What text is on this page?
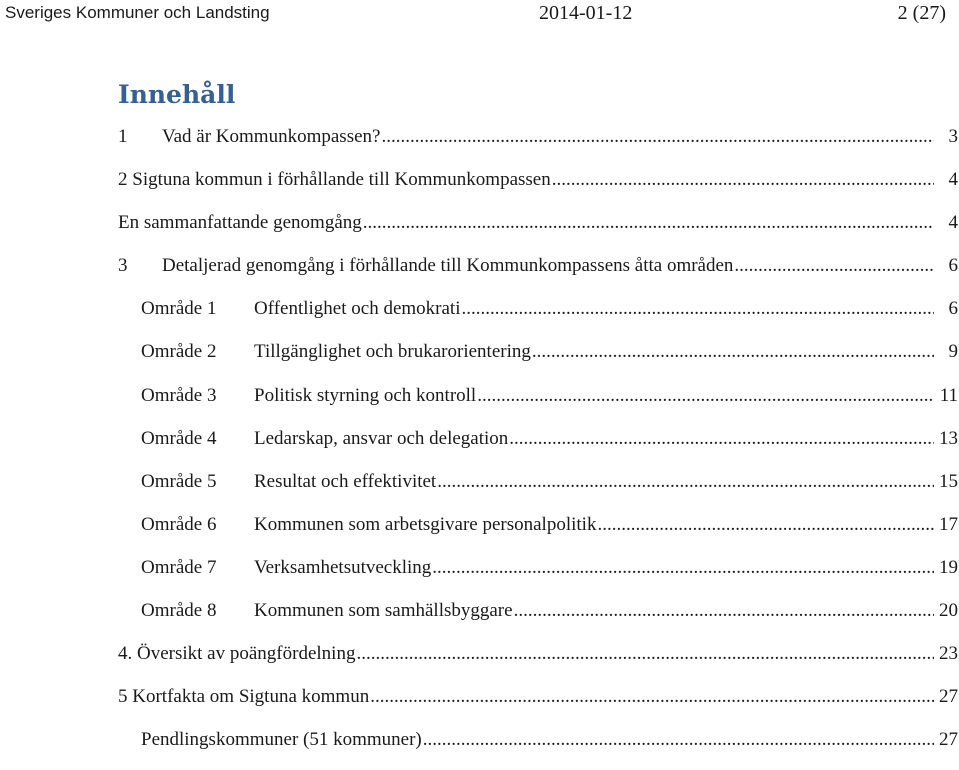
Sveriges Kommuner och Landsting	2014-01-12	2 (27)
Innehåll
1	Vad är Kommunkompassen? .....	3
2 Sigtuna kommun i förhållande till Kommunkompassen .....	4
En sammanfattande genomgång .....	4
3	Detaljerad genomgång i förhållande till Kommunkompassens åtta områden .....	6
Område 1	Offentlighet och demokrati .....	6
Område 2	Tillgänglighet och brukarorientering .....	9
Område 3	Politisk styrning och kontroll .....	11
Område 4	Ledarskap, ansvar och delegation .....	13
Område 5	Resultat och effektivitet .....	15
Område 6	Kommunen som arbetsgivare personalpolitik .....	17
Område 7	Verksamhetsutveckling .....	19
Område 8	Kommunen som samhällsbyggare .....	20
4. Översikt av poängfördelning .....	23
5 Kortfakta om Sigtuna kommun .....	27
Pendlingskommuner (51 kommuner) .....	27
